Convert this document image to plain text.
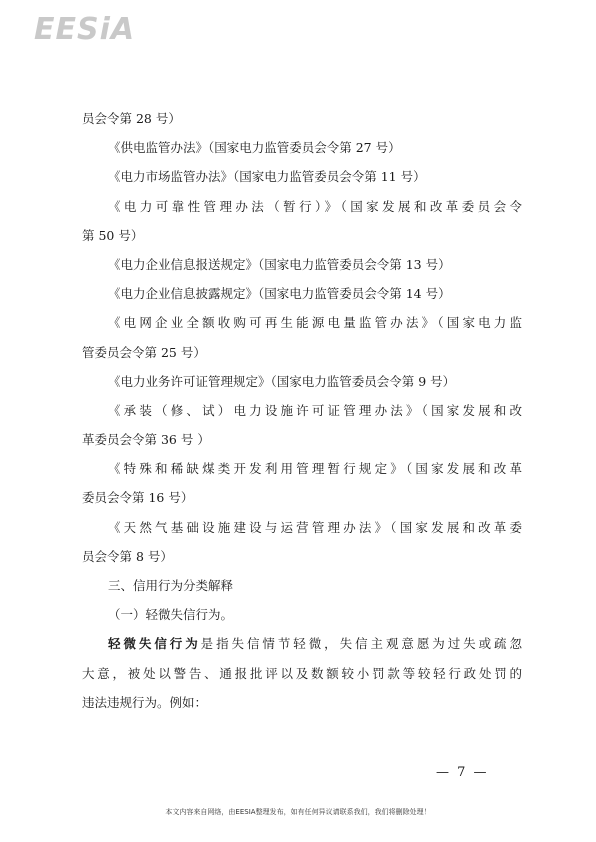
EESiA
员会令第 28 号）
《供电监管办法》（国家电力监管委员会令第 27 号）
《电力市场监管办法》（国家电力监管委员会令第 11 号）
《电力可靠性管理办法（暂行）》（国家发展和改革委员会令
第 50 号）
《电力企业信息报送规定》（国家电力监管委员会令第 13 号）
《电力企业信息披露规定》（国家电力监管委员会令第 14 号）
《电网企业全额收购可再生能源电量监管办法》（国家电力监
管委员会令第 25 号）
《电力业务许可证管理规定》（国家电力监管委员会令第 9 号）
《承装（修、试）电力设施许可证管理办法》（国家发展和改
革委员会令第 36 号 ）
《特殊和稀缺煤类开发利用管理暂行规定》（国家发展和改革
委员会令第 16 号）
《天然气基础设施建设与运营管理办法》（国家发展和改革委
员会令第 8 号）
三、信用行为分类解释
（一）轻微失信行为。
轻微失信行为是指失信情节轻微，失信主观意愿为过失或疏忽
大意，被处以警告、通报批评以及数额较小罚款等较轻行政处罚的
违法违规行为。例如：
— 7 —
本文内容来自网络，由EESIA整理发布，如有任何异议请联系我们，我们将删除处理！
